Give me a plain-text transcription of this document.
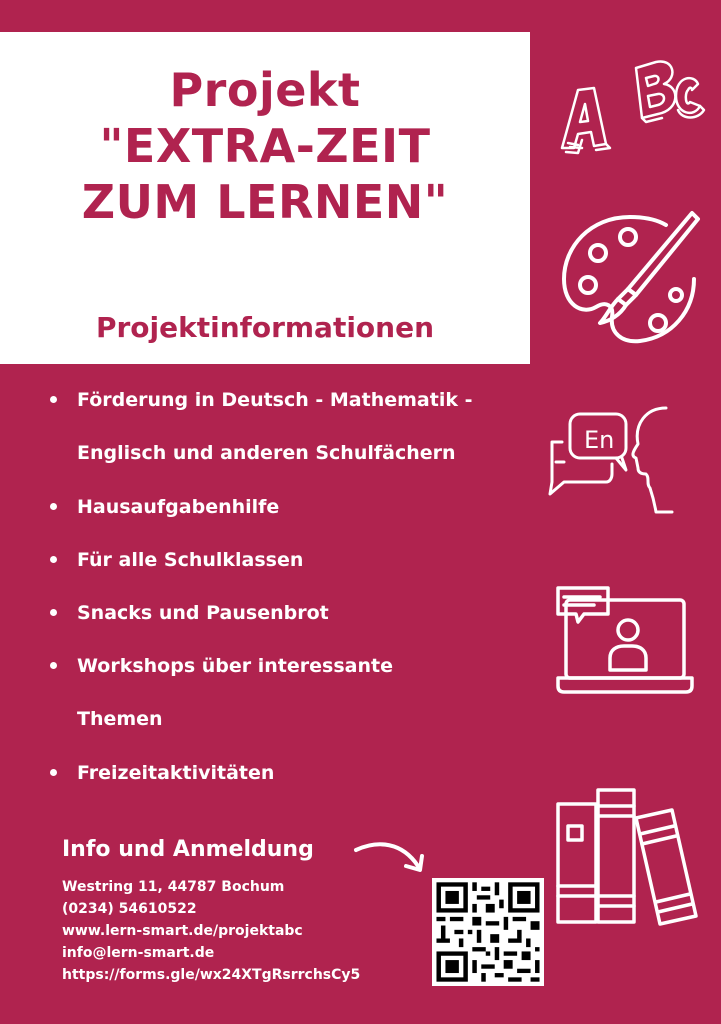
Projekt
"EXTRA-ZEIT
ZUM LERNEN"
Projektinformationen
Förderung in Deutsch - Mathematik -
Englisch und anderen Schulfächern
Hausaufgabenhilfe
Für alle Schulklassen
Snacks und Pausenbrot
Workshops über interessante
Themen
Freizeitaktivitäten
Info und Anmeldung
Westring 11, 44787 Bochum
(0234) 54610522
www.lern-smart.de/projektabc
info@lern-smart.de
https://forms.gle/wx24XTgRsrrchsCy5
En
